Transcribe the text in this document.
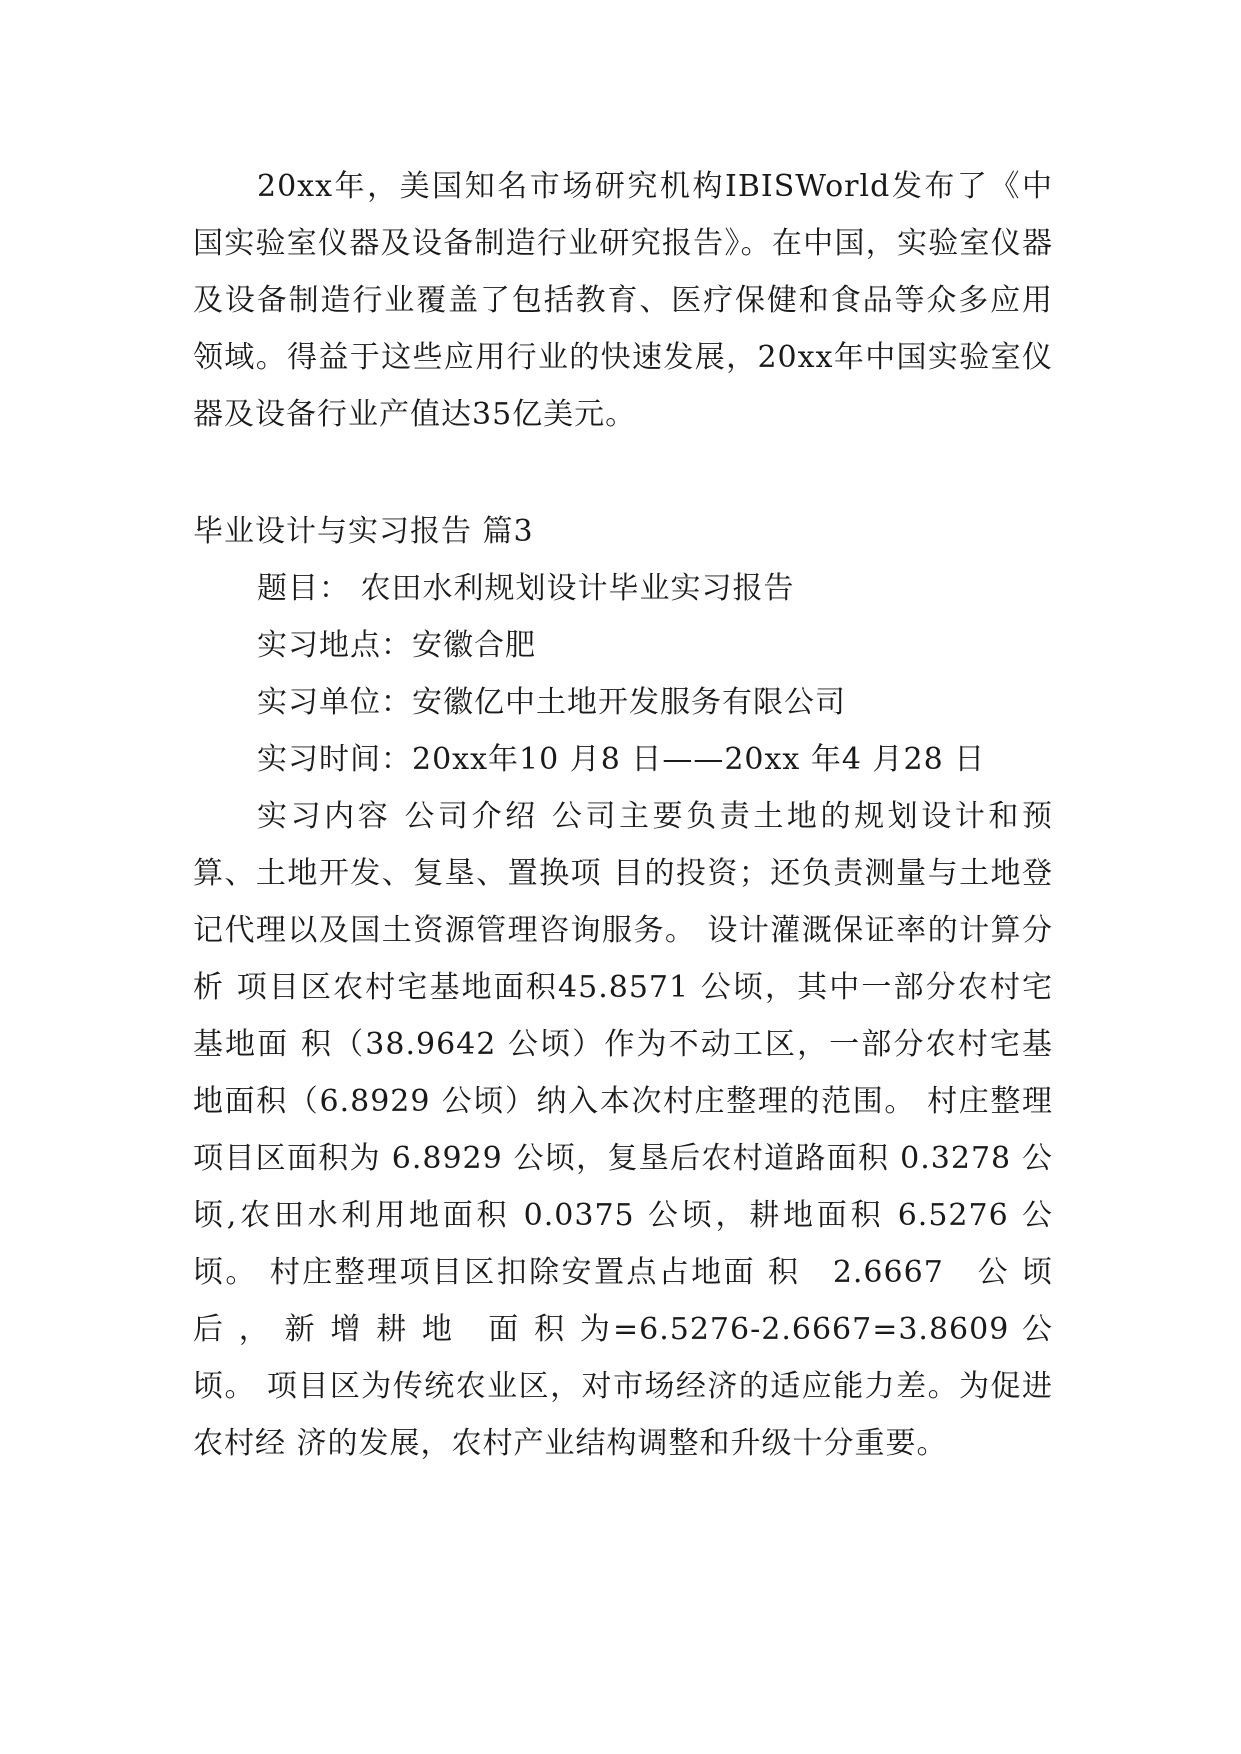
20xx年，美国知名市场研究机构IBISWorld发布了《中国实验室仪器及设备制造行业研究报告》。在中国，实验室仪器及设备制造行业覆盖了包括教育、医疗保健和食品等众多应用领域。得益于这些应用行业的快速发展，20xx年中国实验室仪器及设备行业产值达35亿美元。

毕业设计与实习报告 篇3

题目： 农田水利规划设计毕业实习报告

实习地点：安徽合肥

实习单位：安徽亿中土地开发服务有限公司

实习时间：20xx年10 月8 日——20xx 年4 月28 日

实习内容 公司介绍 公司主要负责土地的规划设计和预算、土地开发、复垦、置换项 目的投资；还负责测量与土地登记代理以及国土资源管理咨询服务。 设计灌溉保证率的计算分析 项目区农村宅基地面积45.8571 公顷，其中一部分农村宅基地面 积（38.9642 公顷）作为不动工区，一部分农村宅基地面积（6.8929 公顷）纳入本次村庄整理的范围。 村庄整理项目区面积为 6.8929 公顷，复垦后农村道路面积 0.3278 公顷,农田水利用地面积 0.0375 公顷，耕地面积 6.5276 公 顷。 村庄整理项目区扣除安置点占地面 积　2.6667　公 顷 后 ， 新 增 耕 地　面 积 为=6.5276-2.6667=3.8609 公顷。 项目区为传统农业区，对市场经济的适应能力差。为促进农村经 济的发展，农村产业结构调整和升级十分重要。
